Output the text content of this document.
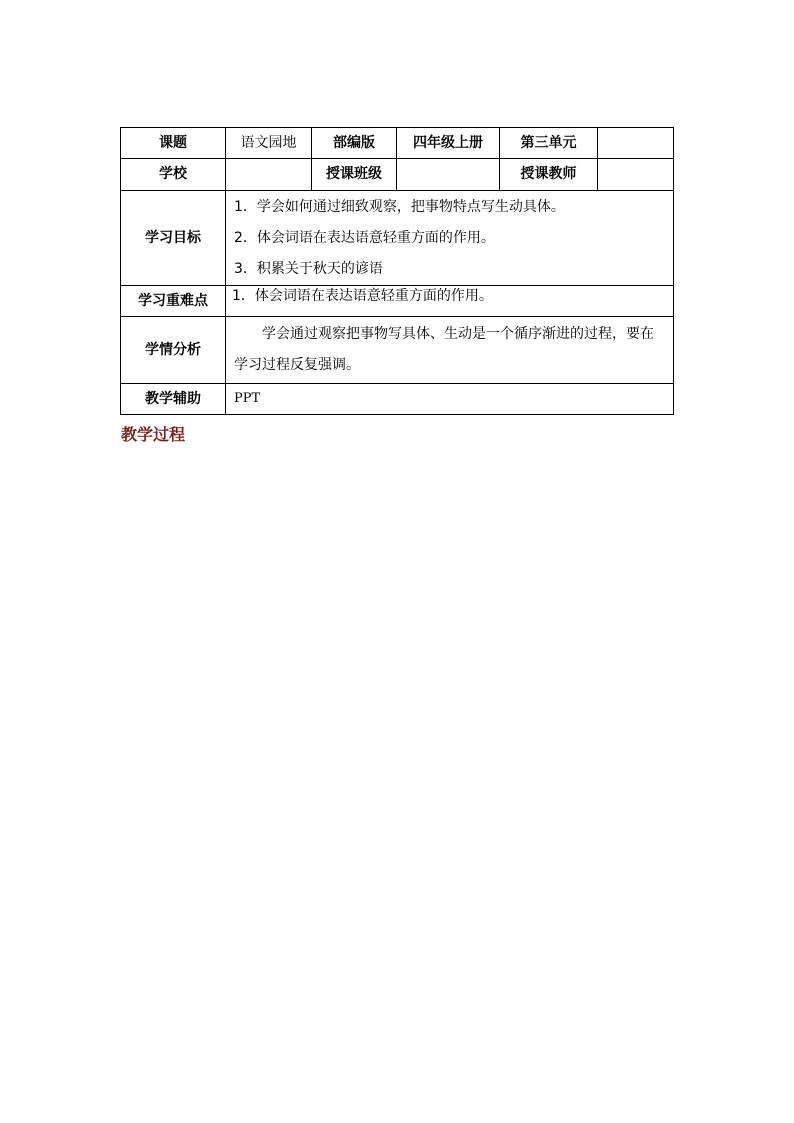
课题	语文园地	部编版	四年级上册	第三单元	
学校		授课班级		授课教师	
学习目标	1．学会如何通过细致观察，把事物特点写生动具体。
2．体会词语在表达语意轻重方面的作用。
3．积累关于秋天的谚语				

学习重难点	1．体会词语在表达语意轻重方面的作用。				
学情分析	学会通过观察把事物写具体、生动是一个循序渐进的过程，要在学习过程反复强调。				

教学辅助	PPT				
教学过程
